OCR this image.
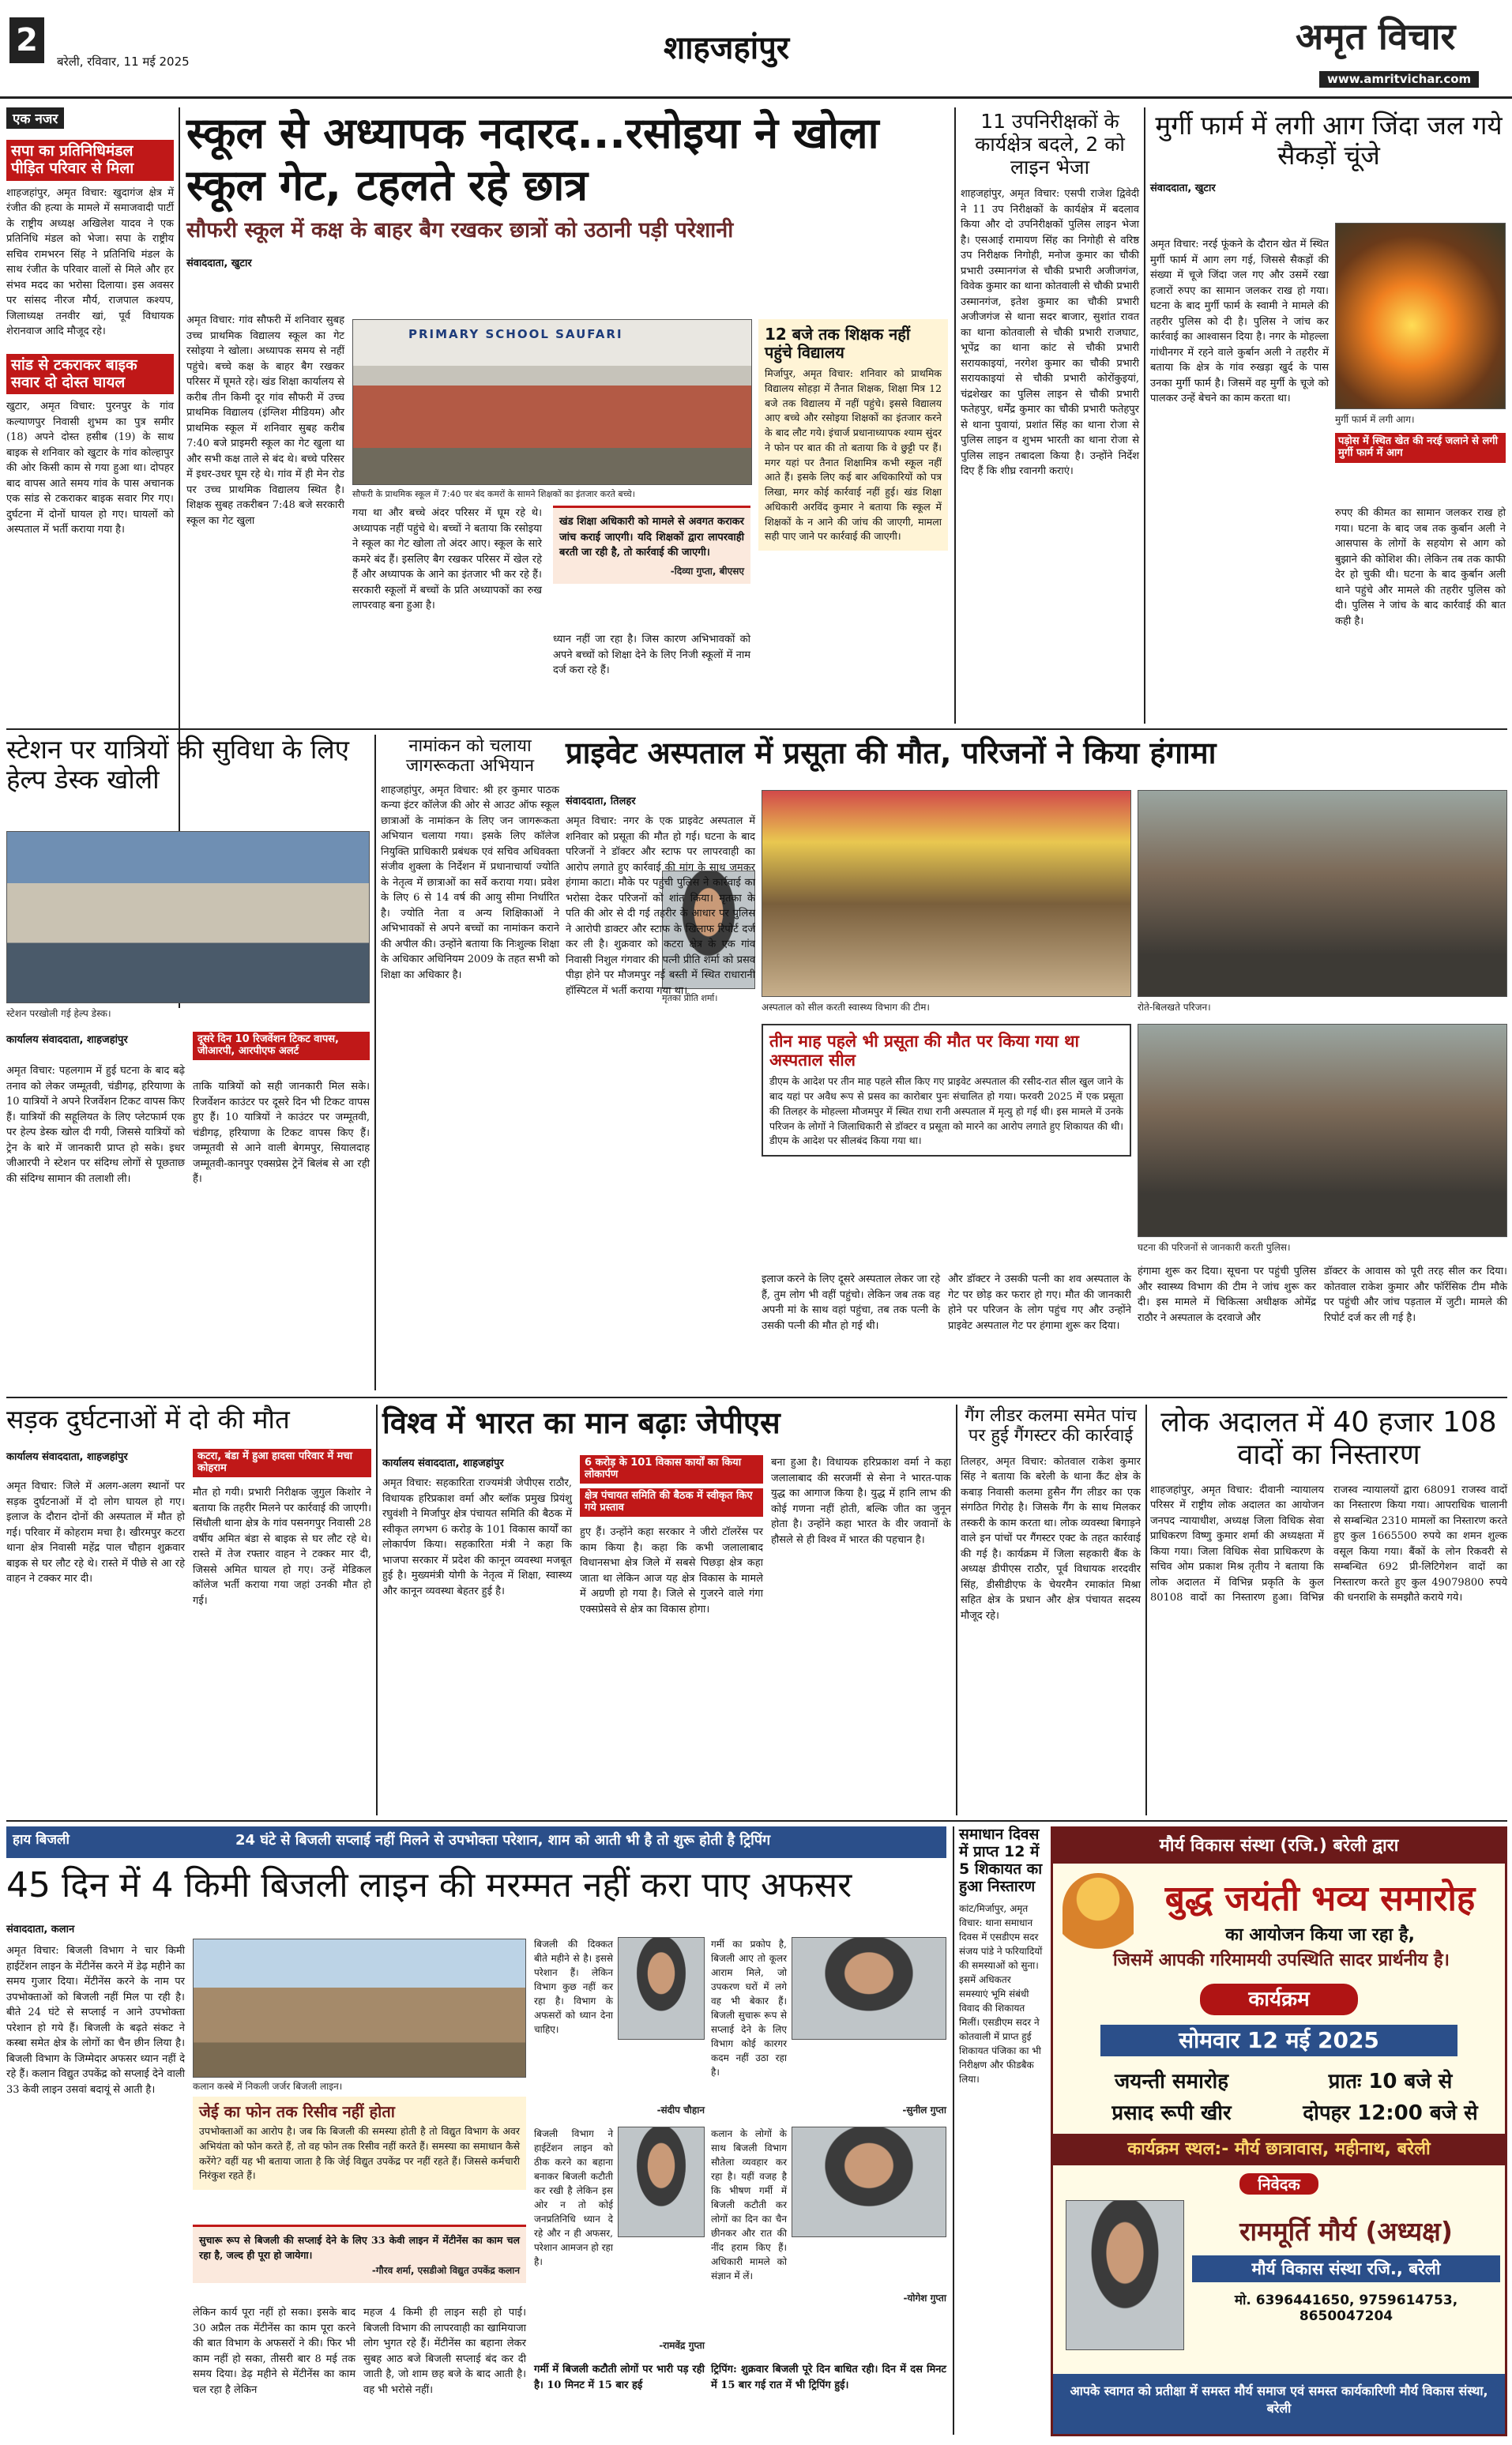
2
बरेली, रविवार, 11 मई 2025	शाहजहांपुर	अमृत विचार
www.amritvichar.com
एक नजर
सपा का प्रतिनिधिमंडल पीड़ित परिवार से मिला
शाहजहांपुर, अमृत विचार: खुदागंज क्षेत्र में रंजीत की हत्या के मामले में समाजवादी पार्टी के राष्ट्रीय अध्यक्ष अखिलेश यादव ने एक प्रतिनिधि मंडल को भेजा। सपा के राष्ट्रीय सचिव रामभरन सिंह ने प्रतिनिधि मंडल के साथ रंजीत के परिवार वालों से मिले और हर संभव मदद का भरोसा दिलाया। इस अवसर पर सांसद नीरज मौर्य, राजपाल कश्यप, जिलाध्यक्ष तनवीर खां, पूर्व विधायक शेरानवाज आदि मौजूद रहे।
सांड से टकराकर बाइक सवार दो दोस्त घायल
खुटार, अमृत विचार: पुरनपुर के गांव कल्याणपुर निवासी शुभम का पुत्र समीर (18) अपने दोस्त हसीब (19) के साथ बाइक से शनिवार को खुटार के गांव कोल्हापुर की ओर किसी काम से गया हुआ था। दोपहर बाद वापस आते समय गांव के पास अचानक एक सांड से टकराकर बाइक सवार गिर गए। दुर्घटना में दोनों घायल हो गए। घायलों को अस्पताल में भर्ती कराया गया है।
स्कूल से अध्यापक नदारद...रसोइया ने खोला स्कूल गेट, टहलते रहे छात्र
सौफरी स्कूल में कक्ष के बाहर बैग रखकर छात्रों को उठानी पड़ी परेशानी
संवाददाता, खुटार
PRIMARY SCHOOL SAUFARI
सौफरी के प्राथमिक स्कूल में 7:40 पर बंद कमरों के सामने शिक्षकों का इंतजार करते बच्चे।
अमृत विचार: गांव सौफरी में शनिवार सुबह उच्च प्राथमिक विद्यालय स्कूल का गेट रसोइया ने खोला। अध्यापक समय से नहीं पहुंचे। बच्चे कक्ष के बाहर बैग रखकर परिसर में घूमते रहे। खंड शिक्षा कार्यालय से करीब तीन किमी दूर गांव सौफरी में उच्च प्राथमिक विद्यालय (इंग्लिश मीडियम) और प्राथमिक स्कूल में शनिवार सुबह करीब 7:40 बजे प्राइमरी स्कूल का गेट खुला था और सभी कक्ष ताले से बंद थे। बच्चे परिसर में इधर-उधर घूम रहे थे। गांव में ही मेन रोड पर उच्च प्राथमिक विद्यालय स्थित है। शिक्षक सुबह तकरीबन 7:48 बजे सरकारी स्कूल का गेट खुला
गया था और बच्चे अंदर परिसर में घूम रहे थे। अध्यापक नहीं पहुंचे थे। बच्चों ने बताया कि रसोइया ने स्कूल का गेट खोला तो अंदर आए। स्कूल के सारे कमरे बंद हैं। इसलिए बैग रखकर परिसर में खेल रहे हैं और अध्यापक के आने का इंतजार भी कर रहे हैं। सरकारी स्कूलों में बच्चों के प्रति अध्यापकों का रुख लापरवाह बना हुआ है।
खंड शिक्षा अधिकारी को मामले से अवगत कराकर जांच कराई जाएगी। यदि शिक्षकों द्वारा लापरवाही बरती जा रही है, तो कार्रवाई की जाएगी।
-दिव्या गुप्ता, बीएसए
ध्यान नहीं जा रहा है। जिस कारण अभिभावकों को अपने बच्चों को शिक्षा देने के लिए निजी स्कूलों में नाम दर्ज करा रहे हैं।
12 बजे तक शिक्षक नहीं पहुंचे विद्यालय
मिर्जापुर, अमृत विचार: शनिवार को प्राथमिक विद्यालय सोहड़ा में तैनात शिक्षक, शिक्षा मित्र 12 बजे तक विद्यालय में नहीं पहुंचे। इससे विद्यालय आए बच्चे और रसोइया शिक्षकों का इंतजार करने के बाद लौट गये। इंचार्ज प्रधानाध्यापक श्याम सुंदर ने फोन पर बात की तो बताया कि वे छुट्टी पर हैं। मगर यहां पर तैनात शिक्षामित्र कभी स्कूल नहीं आते हैं। इसके लिए कई बार अधिकारियों को पत्र लिखा, मगर कोई कार्रवाई नहीं हुई। खंड शिक्षा अधिकारी अरविंद कुमार ने बताया कि स्कूल में शिक्षकों के न आने की जांच की जाएगी, मामला सही पाए जाने पर कार्रवाई की जाएगी।
11 उपनिरीक्षकों के कार्यक्षेत्र बदले, 2 को लाइन भेजा
शाहजहांपुर, अमृत विचार: एसपी राजेश द्विवेदी ने 11 उप निरीक्षकों के कार्यक्षेत्र में बदलाव किया और दो उपनिरीक्षकों पुलिस लाइन भेजा है। एसआई रामायण सिंह का निगोही से वरिष्ठ उप निरीक्षक निगोही, मनोज कुमार का चौकी प्रभारी उस्मानगंज से चौकी प्रभारी अजीजगंज, विवेक कुमार का थाना कोतवाली से चौकी प्रभारी उस्मानगंज, इतेश कुमार का चौकी प्रभारी अजीजगंज से थाना सदर बाजार, सुशांत रावत का थाना कोतवाली से चौकी प्रभारी राजघाट, भूपेंद्र का थाना कांट से चौकी प्रभारी सरायकाइयां, नरगेश कुमार का चौकी प्रभारी सरायकाइयां से चौकी प्रभारी कोरोंकुइयां, चंद्रशेखर का पुलिस लाइन से चौकी प्रभारी फतेहपुर, धर्मेंद्र कुमार का चौकी प्रभारी फतेहपुर से थाना पुवायां, प्रशांत सिंह का थाना रोजा से पुलिस लाइन व शुभम भारती का थाना रोजा से पुलिस लाइन तबादला किया है। उन्होंने निर्देश दिए हैं कि शीघ्र रवानगी कराएं।
मुर्गी फार्म में लगी आग जिंदा जल गये सैकड़ों चूंजे
संवाददाता, खुटार
अमृत विचार: नरई फूंकने के दौरान खेत में स्थित मुर्गी फार्म में आग लग गई, जिससे सैकड़ों की संख्या में चूजे जिंदा जल गए और उसमें रखा हजारों रुपए का सामान जलकर राख हो गया। घटना के बाद मुर्गी फार्म के स्वामी ने मामले की तहरीर पुलिस को दी है। पुलिस ने जांच कर कार्रवाई का आश्वासन दिया है। नगर के मोहल्ला गांधीनगर में रहने वाले कुर्बान अली ने तहरीर में बताया कि क्षेत्र के गांव रुखड़ा खुर्द के पास उनका मुर्गी फार्म है। जिसमें वह मुर्गी के चूजे को पालकर उन्हें बेचने का काम करता था।
मुर्गी फार्म में लगी आग।
पड़ोस में स्थित खेत की नरई जलाने से लगी मुर्गी फार्म में आग
रुपए की कीमत का सामान जलकर राख हो गया। घटना के बाद जब तक कुर्बान अली ने आसपास के लोगों के सहयोग से आग को बुझाने की कोशिश की। लेकिन तब तक काफी देर हो चुकी थी। घटना के बाद कुर्बान अली थाने पहुंचे और मामले की तहरीर पुलिस को दी। पुलिस ने जांच के बाद कार्रवाई की बात कही है।
स्टेशन पर यात्रियों की सुविधा के लिए हेल्प डेस्क खोली
स्टेशन परखोली गई हेल्प डेस्क।
कार्यालय संवाददाता, शाहजहांपुर	दूसरे दिन 10 रिजर्वेशन टिकट वापस, जीआरपी, आरपीएफ अलर्ट
अमृत विचार: पहलगाम में हुई घटना के बाद बढ़े तनाव को लेकर जम्मूतवी, चंडीगढ़, हरियाणा के 10 यात्रियों ने अपने रिजर्वेशन टिकट वापस किए हैं। यात्रियों की सहूलियत के लिए प्लेटफार्म एक पर हेल्प डेस्क खोल दी गयी, जिससे यात्रियों को ट्रेन के बारे में जानकारी प्राप्त हो सके। इधर जीआरपी ने स्टेशन पर संदिग्ध लोगों से पूछताछ की संदिग्ध सामान की तलाशी ली।
ताकि यात्रियों को सही जानकारी मिल सके। रिजर्वेशन काउंटर पर दूसरे दिन भी टिकट वापस हुए हैं। 10 यात्रियों ने काउंटर पर जम्मूतवी, चंडीगढ़, हरियाणा के टिकट वापस किए हैं। जम्मूतवी से आने वाली बेगमपुर, सियालदाह जम्मूतवी-कानपुर एक्सप्रेस ट्रेनें बिलंब से आ रही हैं।
नामांकन को चलाया जागरूकता अभियान
शाहजहांपुर, अमृत विचार: श्री हर कुमार पाठक कन्या इंटर कॉलेज की ओर से आउट ऑफ स्कूल छात्राओं के नामांकन के लिए जन जागरूकता अभियान चलाया गया। इसके लिए कॉलेज नियुक्ति प्राधिकारी प्रबंधक एवं सचिव अधिवक्ता संजीव शुक्ला के निर्देशन में प्रधानाचार्या ज्योति के नेतृत्व में छात्राओं का सर्वे कराया गया। प्रवेश के लिए 6 से 14 वर्ष की आयु सीमा निर्धारित है। ज्योति नेता व अन्य शिक्षिकाओं ने अभिभावकों से अपने बच्चों का नामांकन कराने की अपील की। उन्होंने बताया कि निःशुल्क शिक्षा के अधिकार अधिनियम 2009 के तहत सभी को शिक्षा का अधिकार है।
प्राइवेट अस्पताल में प्रसूता की मौत, परिजनों ने किया हंगामा
संवाददाता, तिलहर
मृतका प्रीति शर्मा।
अमृत विचार: नगर के एक प्राइवेट अस्पताल में शनिवार को प्रसूता की मौत हो गई। घटना के बाद परिजनों ने डॉक्टर और स्टाफ पर लापरवाही का आरोप लगाते हुए कार्रवाई की मांग के साथ जमकर हंगामा काटा। मौके पर पहुंची पुलिस ने कार्रवाई का भरोसा देकर परिजनों को शांत किया। मृतका के पति की ओर से दी गई तहरीर के आधार पर पुलिस ने आरोपी डाक्टर और स्टाफ के खिलाफ रिपोर्ट दर्ज कर ली है। शुक्रवार को कटरा क्षेत्र के एक गांव निवासी निशुल गंगवार की पत्नी प्रीति शर्मा को प्रसव पीड़ा होने पर मौजमपुर नई बस्ती में स्थित राधारानी हॉस्पिटल में भर्ती कराया गया था।
अस्पताल को सील करती स्वास्थ्य विभाग की टीम।	रोते-बिलखते परिजन।
तीन माह पहले भी प्रसूता की मौत पर किया गया था अस्पताल सील
डीएम के आदेश पर तीन माह पहले सील किए गए प्राइवेट अस्पताल की रसीद-रात सील खुल जाने के बाद यहां पर अवैध रूप से प्रसव का कारोबार पुनः संचालित हो गया। फरवरी 2025 में एक प्रसूता की तिलहर के मोहल्ला मौजमपुर में स्थित राधा रानी अस्पताल में मृत्यु हो गई थी। इस मामले में उनके परिजन के लोगों ने जिलाधिकारी से डॉक्टर व प्रसूता को मारने का आरोप लगाते हुए शिकायत की थी। डीएम के आदेश पर सीलबंद किया गया था।
घटना की परिजनों से जानकारी करती पुलिस।
इलाज करने के लिए दूसरे अस्पताल लेकर जा रहे हैं, तुम लोग भी वहीं पहुंचो। लेकिन जब तक वह अपनी मां के साथ वहां पहुंचा, तब तक पत्नी के उसकी पत्नी की मौत हो गई थी।
और डॉक्टर ने उसकी पत्नी का शव अस्पताल के गेट पर छोड़ कर फरार हो गए। मौत की जानकारी होने पर परिजन के लोग पहुंच गए और उन्होंने प्राइवेट अस्पताल गेट पर हंगामा शुरू कर दिया।
हंगामा शुरू कर दिया। सूचना पर पहुंची पुलिस और स्वास्थ्य विभाग की टीम ने जांच शुरू कर दी। इस मामले में चिकित्सा अधीक्षक ओमेंद्र राठौर ने अस्पताल के दरवाजे और
डॉक्टर के आवास को पूरी तरह सील कर दिया। कोतवाल राकेश कुमार और फॉरेंसिक टीम मौके पर पहुंची और जांच पड़ताल में जुटी। मामले की रिपोर्ट दर्ज कर ली गई है।
सड़क दुर्घटनाओं में दो की मौत
कार्यालय संवाददाता, शाहजहांपुर	कटरा, बंडा में हुआ हादसा परिवार में मचा कोहराम
अमृत विचार: जिले में अलग-अलग स्थानों पर सड़क दुर्घटनाओं में दो लोग घायल हो गए। इलाज के दौरान दोनों की अस्पताल में मौत हो गई। परिवार में कोहराम मचा है। खीरमपुर कटरा थाना क्षेत्र निवासी महेंद्र पाल चौहान शुक्रवार बाइक से घर लौट रहे थे। रास्ते में पीछे से आ रहे वाहन ने टक्कर मार दी।
मौत हो गयी। प्रभारी निरीक्षक जुगुल किशोर ने बताया कि तहरीर मिलने पर कार्रवाई की जाएगी। सिंधौली थाना क्षेत्र के गांव पसनगपुर निवासी 28 वर्षीय अमित बंडा से बाइक से घर लौट रहे थे। रास्ते में तेज रफ्तार वाहन ने टक्कर मार दी, जिससे अमित घायल हो गए। उन्हें मेडिकल कॉलेज भर्ती कराया गया जहां उनकी मौत हो गई।
विश्व में भारत का मान बढ़ाः जेपीएस
कार्यालय संवाददाता, शाहजहांपुर
अमृत विचार: सहकारिता राज्यमंत्री जेपीएस राठौर, विधायक हरिप्रकाश वर्मा और ब्लॉक प्रमुख प्रियंशु रघुवंशी ने मिर्जापुर क्षेत्र पंचायत समिति की बैठक में स्वीकृत लगभग 6 करोड़ के 101 विकास कार्यों का लोकार्पण किया। सहकारिता मंत्री ने कहा कि भाजपा सरकार में प्रदेश की कानून व्यवस्था मजबूत हुई है। मुख्यमंत्री योगी के नेतृत्व में शिक्षा, स्वास्थ्य और कानून व्यवस्था बेहतर हुई है।
6 करोड़ के 101 विकास कार्यों का किया लोकार्पण
क्षेत्र पंचायत समिति की बैठक में स्वीकृत किए गये प्रस्ताव
हुए हैं। उन्होंने कहा सरकार ने जीरो टॉलरेंस पर काम किया है। कहा कि कभी जलालाबाद विधानसभा क्षेत्र जिले में सबसे पिछड़ा क्षेत्र कहा जाता था लेकिन आज यह क्षेत्र विकास के मामले में अग्रणी हो गया है। जिले से गुजरने वाले गंगा एक्सप्रेसवे से क्षेत्र का विकास होगा।
बना हुआ है। विधायक हरिप्रकाश वर्मा ने कहा जलालाबाद की सरजमीं से सेना ने भारत-पाक युद्ध का आगाज किया है। युद्ध में हानि लाभ की कोई गणना नहीं होती, बल्कि जीत का जुनून होता है। उन्होंने कहा भारत के वीर जवानों के हौसले से ही विश्व में भारत की पहचान है।
गैंग लीडर कलमा समेत पांच पर हुई गैंगस्टर की कार्रवाई
तिलहर, अमृत विचार: कोतवाल राकेश कुमार सिंह ने बताया कि बरेली के थाना कैंट क्षेत्र के कबाड़ निवासी कलमा हुसैन गैंग लीडर का एक संगठित गिरोह है। जिसके गैंग के साथ मिलकर तस्करी के काम करता था। लोक व्यवस्था बिगाड़ने वाले इन पांचों पर गैंगस्टर एक्ट के तहत कार्रवाई की गई है। कार्यक्रम में जिला सहकारी बैंक के अध्यक्ष डीपीएस राठौर, पूर्व विधायक शरदवीर सिंह, डीसीडीएफ के चेयरमैन रमाकांत मिश्रा सहित क्षेत्र के प्रधान और क्षेत्र पंचायत सदस्य मौजूद रहे।
लोक अदालत में 40 हजार 108 वादों का निस्तारण
शाहजहांपुर, अमृत विचार: दीवानी न्यायालय परिसर में राष्ट्रीय लोक अदालत का आयोजन जनपद न्यायाधीश, अध्यक्ष जिला विधिक सेवा प्राधिकरण विष्णु कुमार शर्मा की अध्यक्षता में किया गया। जिला विधिक सेवा प्राधिकरण के सचिव ओम प्रकाश मिश्र तृतीय ने बताया कि लोक अदालत में विभिन्न प्रकृति के कुल 80108 वादों का निस्तारण हुआ। विभिन्न राजस्व न्यायालयों द्वारा 68091 राजस्व वादों का निस्तारण किया गया। आपराधिक चालानी से सम्बन्धित 2310 मामलों का निस्तारण करते हुए कुल 1665500 रुपये का शमन शुल्क वसूल किया गया। बैंकों के लोन रिकवरी से सम्बन्धित 692 प्री-लिटिगेशन वादों का निस्तारण करते हुए कुल 49079800 रुपये की धनराशि के समझौते कराये गये।
हाय बिजली	24 घंटे से बिजली सप्लाई नहीं मिलने से उपभोक्ता परेशान, शाम को आती भी है तो शुरू होती है ट्रिपिंग
45 दिन में 4 किमी बिजली लाइन की मरम्मत नहीं करा पाए अफसर
संवाददाता, कलान
अमृत विचार: बिजली विभाग ने चार किमी हाईटेंशन लाइन के मेंटीनेंस करने में डेढ़ महीने का समय गुजार दिया। मेंटीनेंस करने के नाम पर उपभोक्ताओं को बिजली नहीं मिल पा रही है। बीते 24 घंटे से सप्लाई न आने उपभोक्ता परेशान हो गये हैं। बिजली के बढ़ते संकट ने कस्बा समेत क्षेत्र के लोगों का चैन छीन लिया है। बिजली विभाग के जिम्मेदार अफसर ध्यान नहीं दे रहे हैं। कलान विद्युत उपकेंद्र को सप्लाई देने वाली 33 केवी लाइन उसवां बदायूं से आती है।	कलान कस्बे में निकली जर्जर बिजली लाइन।
जेई का फोन तक रिसीव नहीं होता
उपभोक्ताओं का आरोप है। जब कि बिजली की समस्या होती है तो विद्युत विभाग के अवर अभियंता को फोन करते हैं, तो वह फोन तक रिसीव नहीं करते हैं। समस्या का समाधान कैसे करेंगे? वहीं यह भी बताया जाता है कि जेई विद्युत उपकेंद्र पर नहीं रहते हैं। जिससे कर्मचारी निरंकुश रहते हैं।
सुचारू रूप से बिजली की सप्लाई देने के लिए 33 केवी लाइन में मेंटीनेंस का काम चल रहा है, जल्द ही पूरा हो जायेगा।
-गौरव शर्मा, एसडीओ विद्युत उपकेंद्र कलान
लेकिन कार्य पूरा नहीं हो सका। इसके बाद 30 अप्रैल तक मेंटीनेंस का काम पूरा करने की बात विभाग के अफसरों ने की। फिर भी काम नहीं हो सका, तीसरी बार 8 मई तक समय दिया। डेढ़ महीने से मेंटीनेंस का काम चल रहा है लेकिन
महज 4 किमी ही लाइन सही हो पाई। बिजली विभाग की लापरवाही का खामियाजा लोग भुगत रहे हैं। मेंटीनेंस का बहाना लेकर सुबह आठ बजे बिजली सप्लाई बंद कर दी जाती है, जो शाम छह बजे के बाद आती है। वह भी भरोसे नहीं।
बिजली की दिक्कत बीते महीने से है। इससे परेशान हैं। लेकिन विभाग कुछ नहीं कर रहा है। विभाग के अफसरों को ध्यान देना चाहिए।
-संदीप चौहान
बिजली विभाग ने हाईटेंशन लाइन को ठीक करने का बहाना बनाकर बिजली कटौती कर रखी है लेकिन इस ओर न तो कोई जनप्रतिनिधि ध्यान दे रहे और न ही अफसर, परेशान आमजन हो रहा है।
-रामवेंद्र गुप्ता
गर्मी का प्रकोप है, बिजली आए तो कूलर आराम मिले, जो उपकरण घरों में लगे वह भी बेकार हैं। बिजली सुचारू रूप से सप्लाई देने के लिए विभाग कोई कारगर कदम नहीं उठा रहा है।
-सुनील गुप्ता
कलान के लोगों के साथ बिजली विभाग सौतेला व्यवहार कर रहा है। यहीं वजह है कि भीषण गर्मी में बिजली कटौती कर लोगों का दिन का चैन छीनकर और रात की नींद हराम किए हैं। अधिकारी मामले को संज्ञान में लें।
-योगेश गुप्ता
गर्मी में बिजली कटौती लोगों पर भारी पड़ रही है। 10 मिनट में 15 बार हई
ट्रिपिंग: शुक्रवार बिजली पूरे दिन बाधित रही। दिन में दस मिनट में 15 बार गई रात में भी ट्रिपिंग हुई।
समाधान दिवस में प्राप्त 12 में 5 शिकायत का हुआ निस्तारण
कांट/मिर्जापुर, अमृत विचार: थाना समाधान दिवस में एसडीएम सदर संजय पांडे ने फरियादियों की समस्याओं को सुना। इसमें अधिकतर समस्याएं भूमि संबंधी विवाद की शिकायत मिलीं। एसडीएम सदर ने कोतवाली में प्राप्त हुई शिकायत पंजिका का भी निरीक्षण और फीडबैक लिया।
मौर्य विकास संस्था (रजि.) बरेली द्वारा
बुद्ध जयंती भव्य समारोह
का आयोजन किया जा रहा है,
जिसमें आपकी गरिमामयी उपस्थिति सादर प्रार्थनीय है।
कार्यक्रम
सोमवार 12 मई 2025
जयन्ती समारोह	प्रातः 10 बजे से
प्रसाद रूपी खीर	दोपहर 12:00 बजे से
कार्यक्रम स्थल:- मौर्य छात्रावास, महीनाथ, बरेली
निवेदक
राममूर्ति मौर्य (अध्यक्ष)
मौर्य विकास संस्था रजि., बरेली
मो. 6396441650, 9759614753, 8650047204
आपके स्वागत को प्रतीक्षा में समस्त मौर्य समाज एवं समस्त कार्यकारिणी मौर्य विकास संस्था, बरेली
